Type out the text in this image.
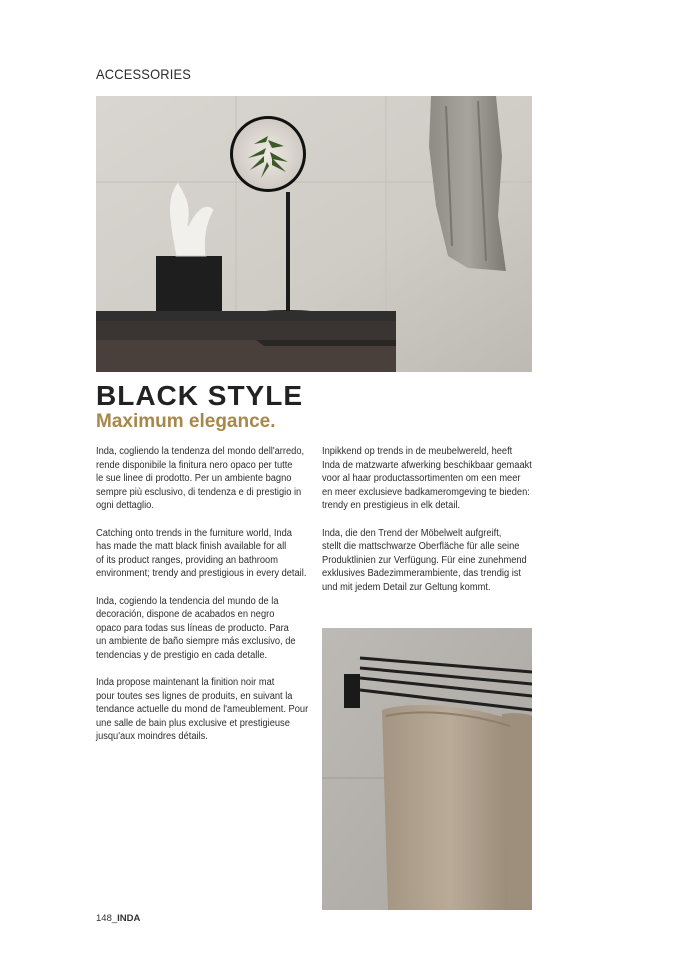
ACCESSORIES
BLACK STYLE
Maximum elegance.

Inda, cogliendo la tendenza del mondo dell'arredo,
rende disponibile la finitura nero opaco per tutte
le sue linee di prodotto. Per un ambiente bagno
sempre più esclusivo, di tendenza e di prestigio in
ogni dettaglio.

Catching onto trends in the furniture world, Inda
has made the matt black finish available for all
of its product ranges, providing an bathroom
environment; trendy and prestigious in every detail.

Inda, cogiendo la tendencia del mundo de la
decoración, dispone de acabados en negro
opaco para todas sus líneas de producto. Para
un ambiente de baño siempre más exclusivo, de
tendencias y de prestigio en cada detalle.

Inda propose maintenant la finition noir mat
pour toutes ses lignes de produits, en suivant la
tendance actuelle du mond de l'ameublement. Pour
une salle de bain plus exclusive et prestigieuse
jusqu'aux moindres détails.

Inpikkend op trends in de meubelwereld, heeft
Inda de matzwarte afwerking beschikbaar gemaakt
voor al haar productassortimenten om een meer
en meer exclusieve badkameromgeving te bieden:
trendy en prestigieus in elk detail.

Inda, die den Trend der Möbelwelt aufgreift,
stellt die mattschwarze Oberfläche für alle seine
Produktlinien zur Verfügung. Für eine zunehmend
exklusives Badezimmerambiente, das trendig ist
und mit jedem Detail zur Geltung kommt.

148_INDA
